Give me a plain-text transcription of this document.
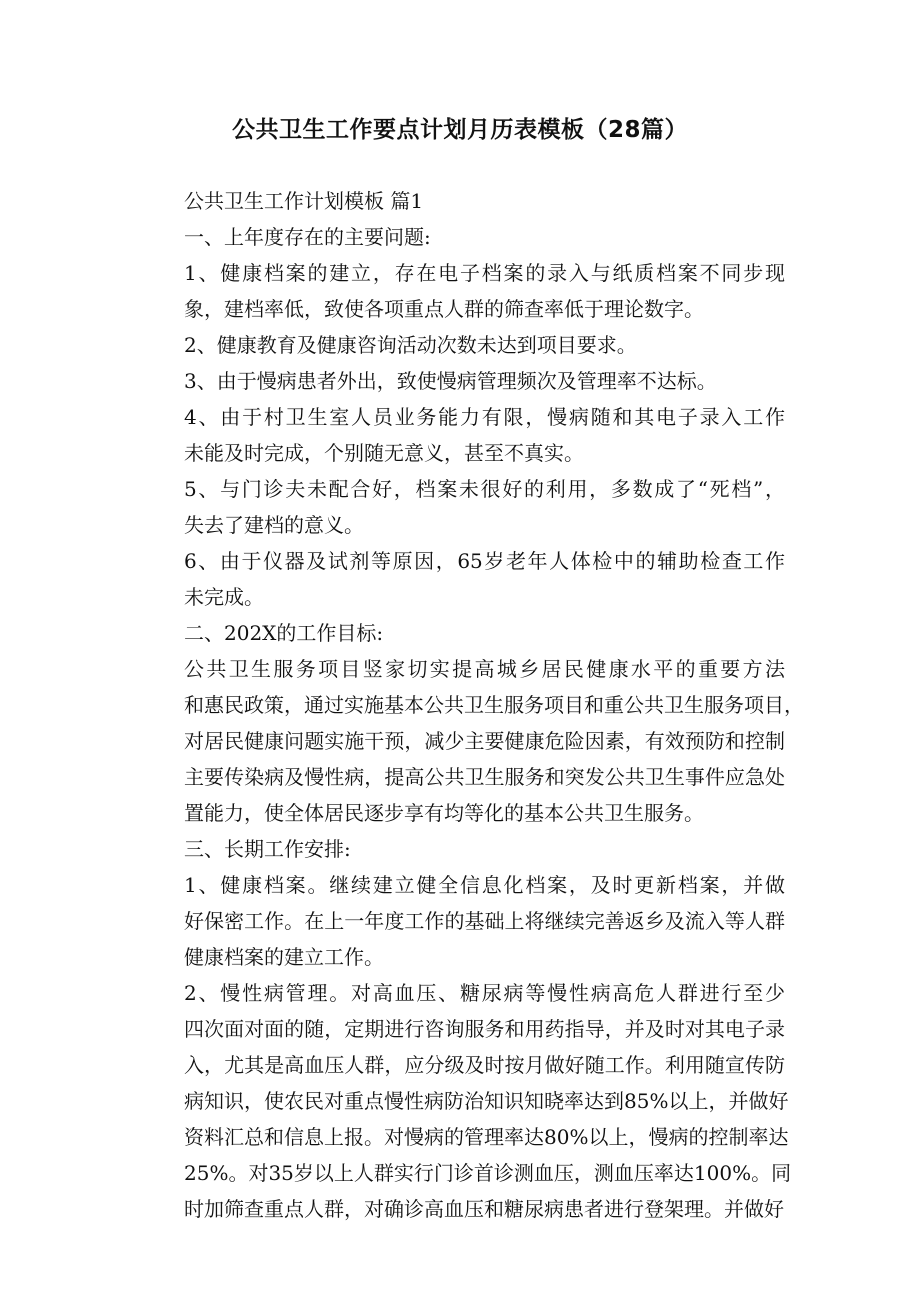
公共卫生工作要点计划月历表模板（28篇）

公共卫生工作计划模板 篇1

一、上年度存在的主要问题:

1、健康档案的建立，存在电子档案的录入与纸质档案不同步现
象，建档率低，致使各项重点人群的筛查率低于理论数字。

2、健康教育及健康咨询活动次数未达到项目要求。

3、由于慢病患者外出，致使慢病管理频次及管理率不达标。

4、由于村卫生室人员业务能力有限，慢病随和其电子录入工作
未能及时完成，个别随无意义，甚至不真实。

5、与门诊夫未配合好，档案未很好的利用，多数成了“死档”，
失去了建档的意义。

6、由于仪器及试剂等原因，65岁老年人体检中的辅助检查工作
未完成。

二、202X的工作目标:

公共卫生服务项目竖家切实提高城乡居民健康水平的重要方法
和惠民政策，通过实施基本公共卫生服务项目和重公共卫生服务项目，
对居民健康问题实施干预，减少主要健康危险因素，有效预防和控制
主要传染病及慢性病，提高公共卫生服务和突发公共卫生事件应急处
置能力，使全体居民逐步享有均等化的基本公共卫生服务。

三、长期工作安排:

1、健康档案。继续建立健全信息化档案，及时更新档案，并做
好保密工作。在上一年度工作的基础上将继续完善返乡及流入等人群
健康档案的建立工作。

2、慢性病管理。对高血压、糖尿病等慢性病高危人群进行至少
四次面对面的随，定期进行咨询服务和用药指导，并及时对其电子录
入，尤其是高血压人群，应分级及时按月做好随工作。利用随宣传防
病知识，使农民对重点慢性病防治知识知晓率达到85%以上，并做好
资料汇总和信息上报。对慢病的管理率达80%以上，慢病的控制率达
25%。对35岁以上人群实行门诊首诊测血压，测血压率达100%。同
时加筛查重点人群，对确诊高血压和糖尿病患者进行登架理。并做好
